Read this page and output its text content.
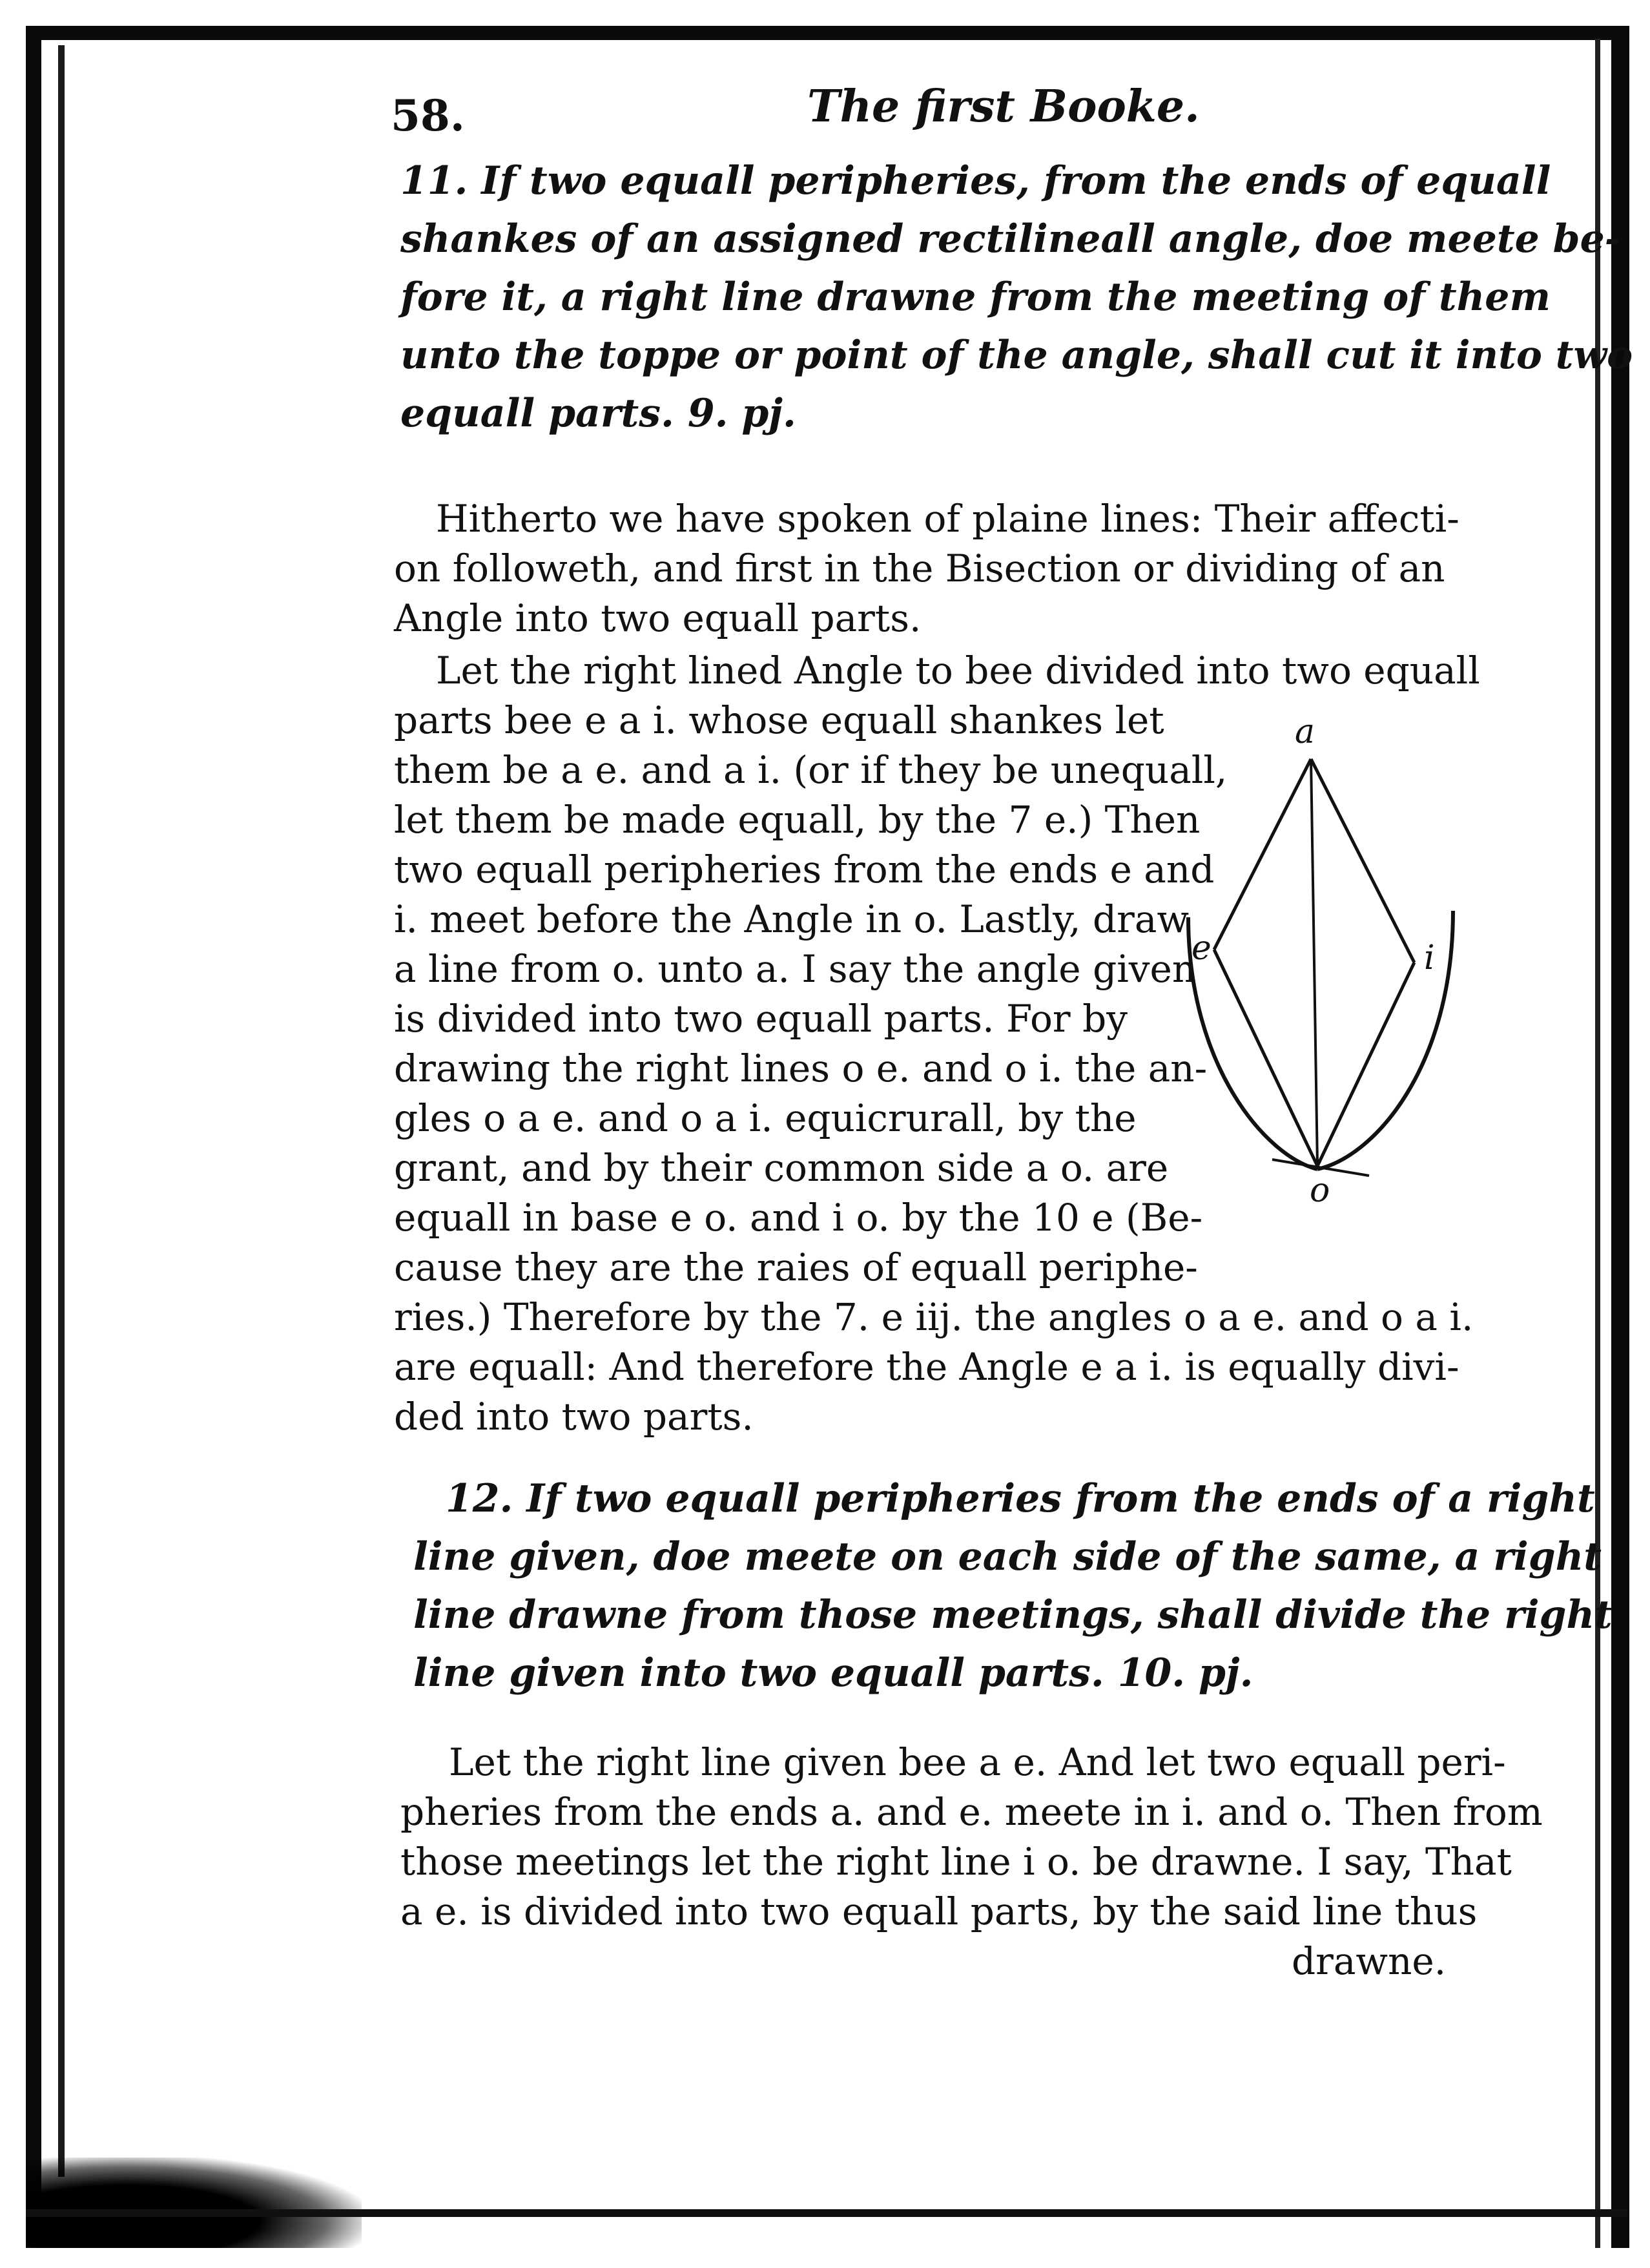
58.	The first Booke.
11. If two equall peripheries, from the ends of equall
shankes of an assigned rectilineall angle, doe meete be-
fore it, a right line drawne from the meeting of them
unto the toppe or point of the angle, shall cut it into two
equall parts. 9. pj.
Hitherto we have spoken of plaine lines: Their affecti-
on followeth, and first in the Bisection or dividing of an
Angle into two equall parts.
Let the right lined Angle to bee divided into two equall
parts bee e a i. whose equall shankes let
them be a e. and a i. (or if they be unequall,
let them be made equall, by the 7 e.) Then
two equall peripheries from the ends e and
i. meet before the Angle in o. Lastly, draw
a line from o. unto a. I say the angle given
is divided into two equall parts. For by
drawing the right lines o e. and o i. the an-
gles o a e. and o a i. equicrurall, by the
grant, and by their common side a o. are
equall in base e o. and i o. by the 10 e (Be-
cause they are the raies of equall periphe-
ries.) Therefore by the 7. e iij. the angles o a e. and o a i.
are equall: And therefore the Angle e a i. is equally divi-
ded into two parts.
a
e	i
o
12. If two equall peripheries from the ends of a right
line given, doe meete on each side of the same, a right
line drawne from those meetings, shall divide the right
line given into two equall parts. 10. pj.
Let the right line given bee a e. And let two equall peri-
pheries from the ends a. and e. meete in i. and o. Then from
those meetings let the right line i o. be drawne. I say, That
a e. is divided into two equall parts, by the said line thus
drawne.
